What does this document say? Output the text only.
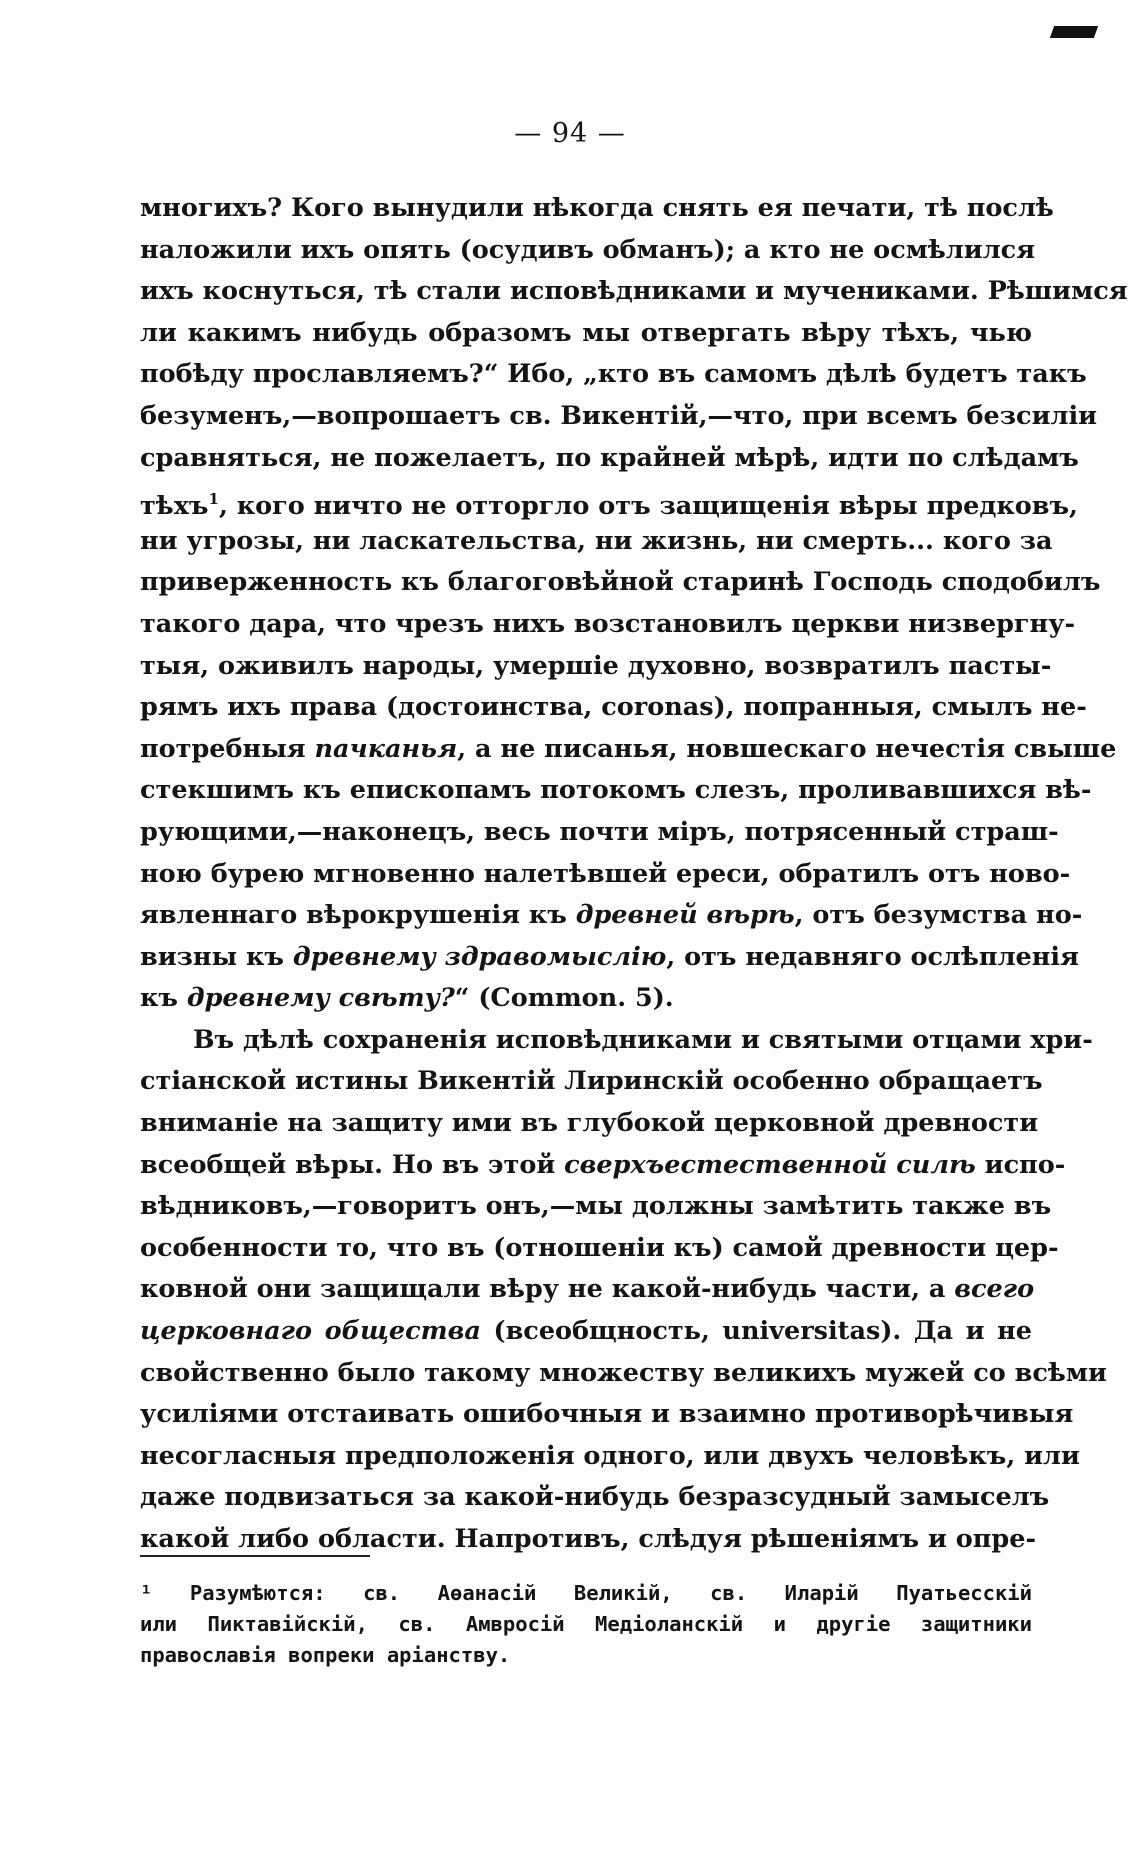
— 94 —
многихъ? Кого вынудили нѣкогда снять ея печати, тѣ послѣ
наложили ихъ опять (осудивъ обманъ); а кто не осмѣлился
ихъ коснуться, тѣ стали исповѣдниками и мучениками. Рѣшимся
ли какимъ нибудь образомъ мы отвергать вѣру тѣхъ, чью
побѣду прославляемъ?“ Ибо, „кто въ самомъ дѣлѣ будетъ такъ
безуменъ,—вопрошаетъ св. Викентій,—что, при всемъ безсиліи
сравняться, не пожелаетъ, по крайней мѣрѣ, идти по слѣдамъ
тѣхъ$^1$, кого ничто не отторгло отъ защищенія вѣры предковъ,
ни угрозы, ни ласкательства, ни жизнь, ни смерть... кого за
приверженность къ благоговѣйной старинѣ Господь сподобилъ
такого дара, что чрезъ нихъ возстановилъ церкви низвергну-
тыя, оживилъ народы, умершіе духовно, возвратилъ пасты-
рямъ ихъ права (достоинства, coronas), попранныя, смылъ не-
потребныя пачканья, а не писанья, новшескаго нечестія свыше
стекшимъ къ епископамъ потокомъ слезъ, проливавшихся вѣ-
рующими,—наконецъ, весь почти міръ, потрясенный страш-
ною бурею мгновенно налетѣвшей ереси, обратилъ отъ ново-
явленнаго вѣрокрушенія къ древней вѣрѣ, отъ безумства но-
визны къ древнему здравомыслію, отъ недавняго ослѣпленія
къ древнему свѣту?“ (Common. 5).
Въ дѣлѣ сохраненія исповѣдниками и святыми отцами хри-
стіанской истины Викентій Лиринскій особенно обращаетъ
вниманіе на защиту ими въ глубокой церковной древности
всеобщей вѣры. Но въ этой сверхъестественной силѣ испо-
вѣдниковъ,—говоритъ онъ,—мы должны замѣтить также въ
особенности то, что въ (отношеніи къ) самой древности цер-
ковной они защищали вѣру не какой-нибудь части, а всего
церковнаго общества (всеобщность, universitas). Да и не
свойственно было такому множеству великихъ мужей со всѣми
усиліями отстаивать ошибочныя и взаимно противорѣчивыя
несогласныя предположенія одного, или двухъ человѣкъ, или
даже подвизаться за какой-нибудь безразсудный замыселъ
какой либо области. Напротивъ, слѣдуя рѣшеніямъ и опре-
¹ Разумѣются: св. Аѳанасій Великій, св. Иларій Пуатьесскій
или Пиктавійскій, св. Амвросій Медіоланскій и другіе защитники
православія вопреки аріанству.
